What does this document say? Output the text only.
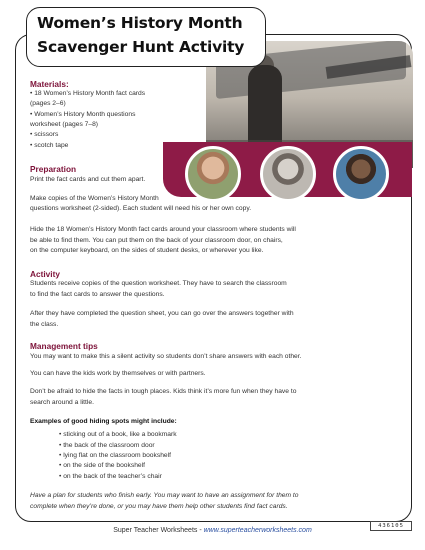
Women’s History Month
Scavenger Hunt Activity
Materials:
• 18 Women’s History Month fact cards
(pages 2–6)
• Women’s History Month questions
worksheet (pages 7–8)
• scissors
• scotch tape
Preparation
Print the fact cards and cut them apart.
Make copies of the Women’s History Month
questions worksheet (2-sided). Each student will need his or her own copy.
Hide the 18 Women’s History Month fact cards around your classroom where students will
be able to find them. You can put them on the back of your classroom door, on chairs,
on the computer keyboard, on the sides of student desks, or wherever you like.
Activity
Students receive copies of the question worksheet. They have to search the classroom
to find the fact cards to answer the questions.
After they have completed the question sheet, you can go over the answers together with
the class.
Management tips
You may want to make this a silent activity so students don’t share answers with each other.
You can have the kids work by themselves or with partners.
Don’t be afraid to hide the facts in tough places. Kids think it’s more fun when they have to
search around a little.
Examples of good hiding spots might include:
• sticking out of a book, like a bookmark
• the back of the classroom door
• lying flat on the classroom bookshelf
• on the side of the bookshelf
• on the back of the teacher’s chair
Have a plan for students who finish early. You may want to have an assignment for them to
complete when they’re done, or you may have them help other students find fact cards.
436105
Super Teacher Worksheets - www.superteacherworksheets.com
